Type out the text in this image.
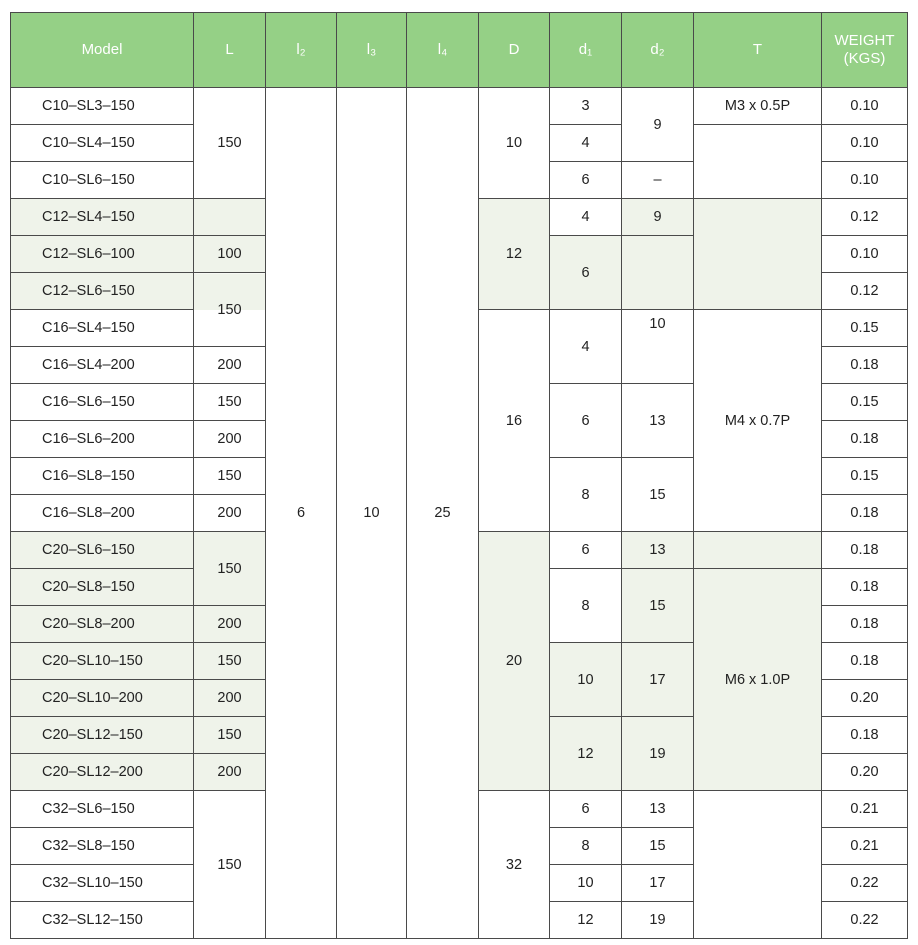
Model	L	l₂	l₃	l₄	D	d₁	d₂	T	WEIGHT
(KGS)
C10–SL3–150	150	6	10	25	10	3	9	M3 x 0.5P	0.10
C10–SL4–150						4			0.10
C10–SL6–150						6	–		0.10
C12–SL4–150					12	4	9		0.12
C12–SL6–100	100					6			0.10
C12–SL6–150	150								0.12
C16–SL4–150					16	4	10	M4 x 0.7P	0.15
C16–SL4–200	200								0.18
C16–SL6–150	150					6	13		0.15
C16–SL6–200	200								0.18
C16–SL8–150	150					8	15		0.15
C16–SL8–200	200								0.18
C20–SL6–150	150				20	6	13		0.18
C20–SL8–150						8	15	M6 x 1.0P	0.18
C20–SL8–200	200								0.18
C20–SL10–150	150					10	17		0.18
C20–SL10–200	200								0.20
C20–SL12–150	150					12	19		0.18
C20–SL12–200	200								0.20
C32–SL6–150	150				32	6	13		0.21
C32–SL8–150						8	15		0.21
C32–SL10–150						10	17		0.22
C32–SL12–150						12	19		0.22
